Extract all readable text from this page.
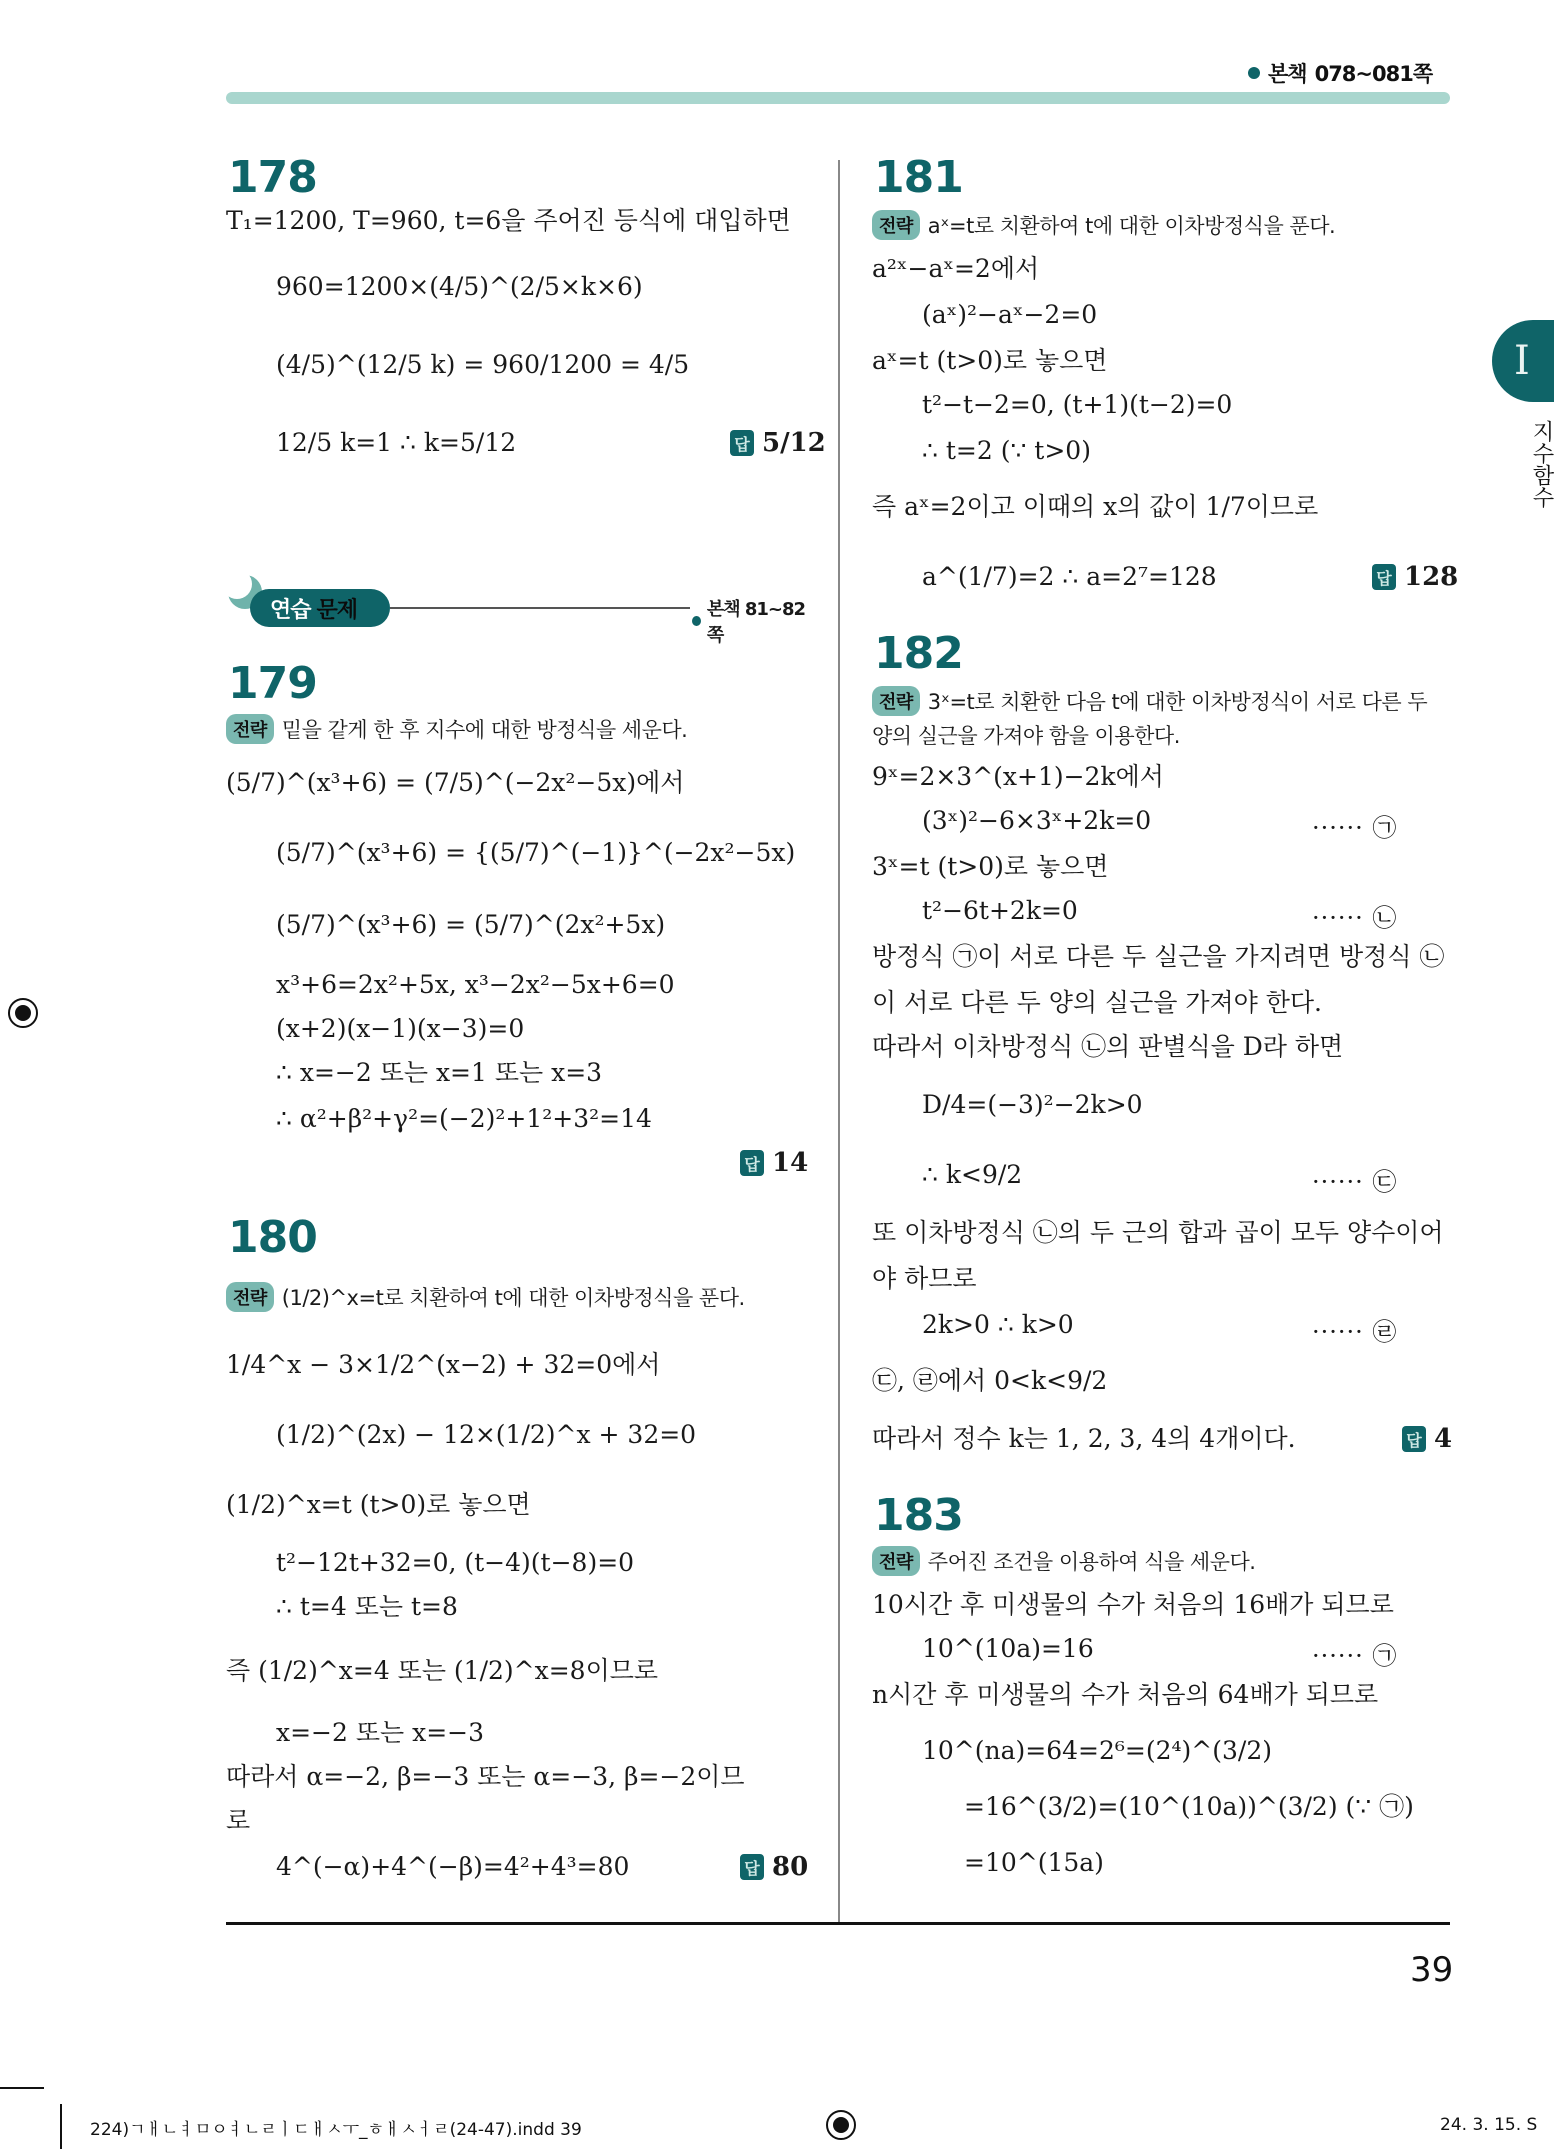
본책 078~081쪽
I
지수함수
178
T₁=1200, T=960, t=6을 주어진 등식에 대입하면
960=1200×(4/5)^(2/5×k×6)
(4/5)^(12/5 k) = 960/1200 = 4/5
12/5 k=1 ∴ k=5/12	답 5/12
연습 문제	본책 81~82쪽
179
전략 밑을 같게 한 후 지수에 대한 방정식을 세운다.
(5/7)^(x³+6) = (7/5)^(−2x²−5x)에서
(5/7)^(x³+6) = {(5/7)^(−1)}^(−2x²−5x)
(5/7)^(x³+6) = (5/7)^(2x²+5x)
x³+6=2x²+5x, x³−2x²−5x+6=0
(x+2)(x−1)(x−3)=0
∴ x=−2 또는 x=1 또는 x=3
∴ α²+β²+γ²=(−2)²+1²+3²=14
답 14
180
전략 (1/2)^x=t로 치환하여 t에 대한 이차방정식을 푼다.
1/4^x − 3×1/2^(x−2) + 32=0에서
(1/2)^(2x) − 12×(1/2)^x + 32=0
(1/2)^x=t (t>0)로 놓으면
t²−12t+32=0, (t−4)(t−8)=0
∴ t=4 또는 t=8
즉 (1/2)^x=4 또는 (1/2)^x=8이므로
x=−2 또는 x=−3
따라서 α=−2, β=−3 또는 α=−3, β=−2이므
로
4^(−α)+4^(−β)=4²+4³=80	답 80
181
전략 aˣ=t로 치환하여 t에 대한 이차방정식을 푼다.
a²ˣ−aˣ=2에서
(aˣ)²−aˣ−2=0
aˣ=t (t>0)로 놓으면
t²−t−2=0, (t+1)(t−2)=0
∴ t=2 (∵ t>0)
즉 aˣ=2이고 이때의 x의 값이 1/7이므로
a^(1/7)=2 ∴ a=2⁷=128	답 128
182
전략 3ˣ=t로 치환한 다음 t에 대한 이차방정식이 서로 다른 두
양의 실근을 가져야 함을 이용한다.
9ˣ=2×3^(x+1)−2k에서
(3ˣ)²−6×3ˣ+2k=0	······ ㉠
3ˣ=t (t>0)로 놓으면
t²−6t+2k=0	······ ㉡
방정식 ㉠이 서로 다른 두 실근을 가지려면 방정식 ㉡
이 서로 다른 두 양의 실근을 가져야 한다.
따라서 이차방정식 ㉡의 판별식을 D라 하면
D/4=(−3)²−2k>0
∴ k<9/2	······ ㉢
또 이차방정식 ㉡의 두 근의 합과 곱이 모두 양수이어
야 하므로
2k>0 ∴ k>0	······ ㉣
㉢, ㉣에서 0<k<9/2
따라서 정수 k는 1, 2, 3, 4의 4개이다.	답 4
183
전략 주어진 조건을 이용하여 식을 세운다.
10시간 후 미생물의 수가 처음의 16배가 되므로
10^(10a)=16	······ ㉠
n시간 후 미생물의 수가 처음의 64배가 되므로
10^(na)=64=2⁶=(2⁴)^(3/2)
=16^(3/2)=(10^(10a))^(3/2) (∵ ㉠)
=10^(15a)
39
224)ㄱㅐㄴㅕㅁㅇㅕㄴㄹㅣㄷㅐㅅㅜ_ㅎㅐㅅㅓㄹ(24-47).indd 39	24. 3. 15. S
